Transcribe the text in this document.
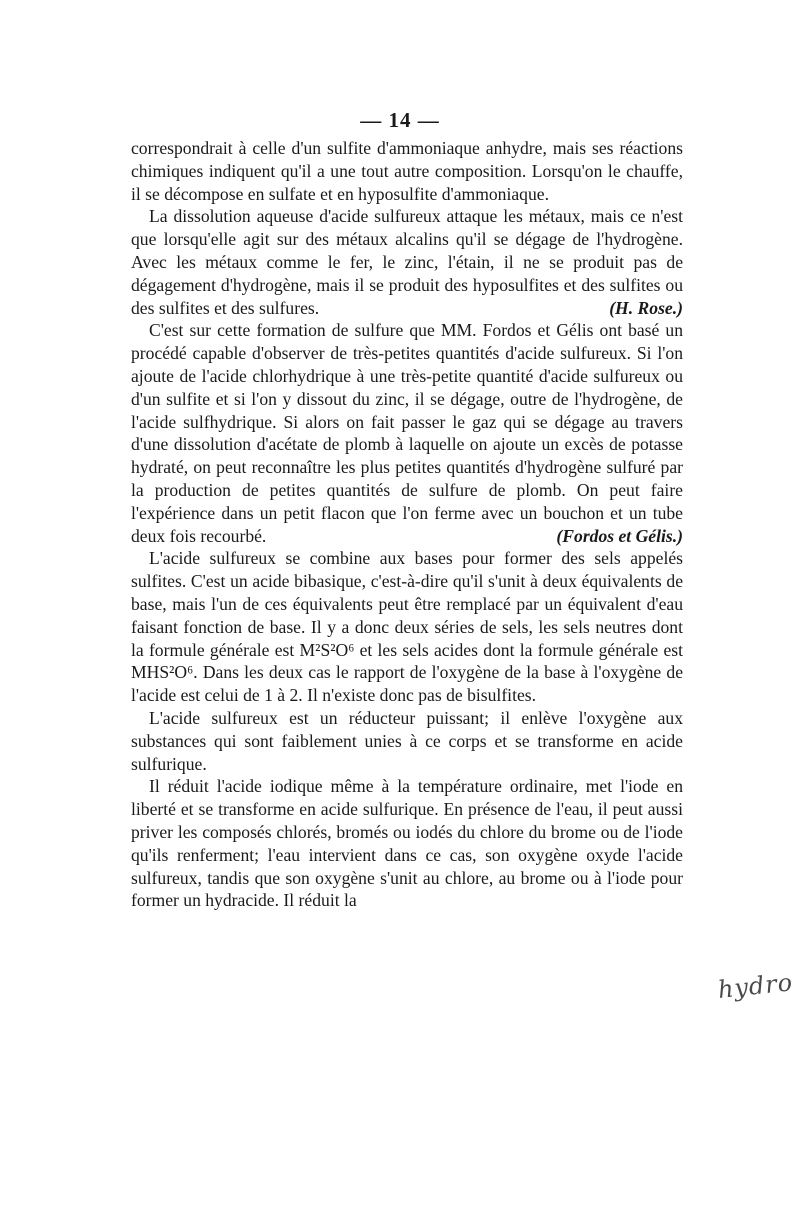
— 14 —

correspondrait à celle d'un sulfite d'ammoniaque anhydre, mais ses réactions chimiques indiquent qu'il a une tout autre composition. Lorsqu'on le chauffe, il se décompose en sulfate et en hyposulfite d'ammoniaque.

La dissolution aqueuse d'acide sulfureux attaque les métaux, mais ce n'est que lorsqu'elle agit sur des métaux alcalins qu'il se dégage de l'hydrogène. Avec les métaux comme le fer, le zinc, l'étain, il ne se produit pas de dégagement d'hydrogène, mais il se produit des hyposulfites et des sulfites ou des sulfites et des sulfures.	(H. Rose.)

C'est sur cette formation de sulfure que MM. Fordos et Gélis ont basé un procédé capable d'observer de très-petites quantités d'acide sulfureux. Si l'on ajoute de l'acide chlorhydrique à une très-petite quantité d'acide sulfureux ou d'un sulfite et si l'on y dissout du zinc, il se dégage, outre de l'hydrogène, de l'acide sulfhydrique. Si alors on fait passer le gaz qui se dégage au travers d'une dissolution d'acétate de plomb à laquelle on ajoute un excès de potasse hydraté, on peut reconnaître les plus petites quantités d'hydrogène sulfuré par la production de petites quantités de sulfure de plomb. On peut faire l'expérience dans un petit flacon que l'on ferme avec un bouchon et un tube deux fois recourbé.	(Fordos et Gélis.)

L'acide sulfureux se combine aux bases pour former des sels appelés sulfites. C'est un acide bibasique, c'est-à-dire qu'il s'unit à deux équivalents de base, mais l'un de ces équivalents peut être remplacé par un équivalent d'eau faisant fonction de base. Il y a donc deux séries de sels, les sels neutres dont la formule générale est M²S²O⁶ et les sels acides dont la formule générale est MHS²O⁶. Dans les deux cas le rapport de l'oxygène de la base à l'oxygène de l'acide est celui de 1 à 2. Il n'existe donc pas de bisulfites.

L'acide sulfureux est un réducteur puissant; il enlève l'oxygène aux substances qui sont faiblement unies à ce corps et se transforme en acide sulfurique.

Il réduit l'acide iodique même à la température ordinaire, met l'iode en liberté et se transforme en acide sulfurique. En présence de l'eau, il peut aussi priver les composés chlorés, bromés ou iodés du chlore du brome ou de l'iode qu'ils renferment; l'eau intervient dans ce cas, son oxygène oxyde l'acide sulfureux, tandis que son oxygène s'unit au chlore, au brome ou à l'iode pour former un hydracide. Il réduit la

hydro
